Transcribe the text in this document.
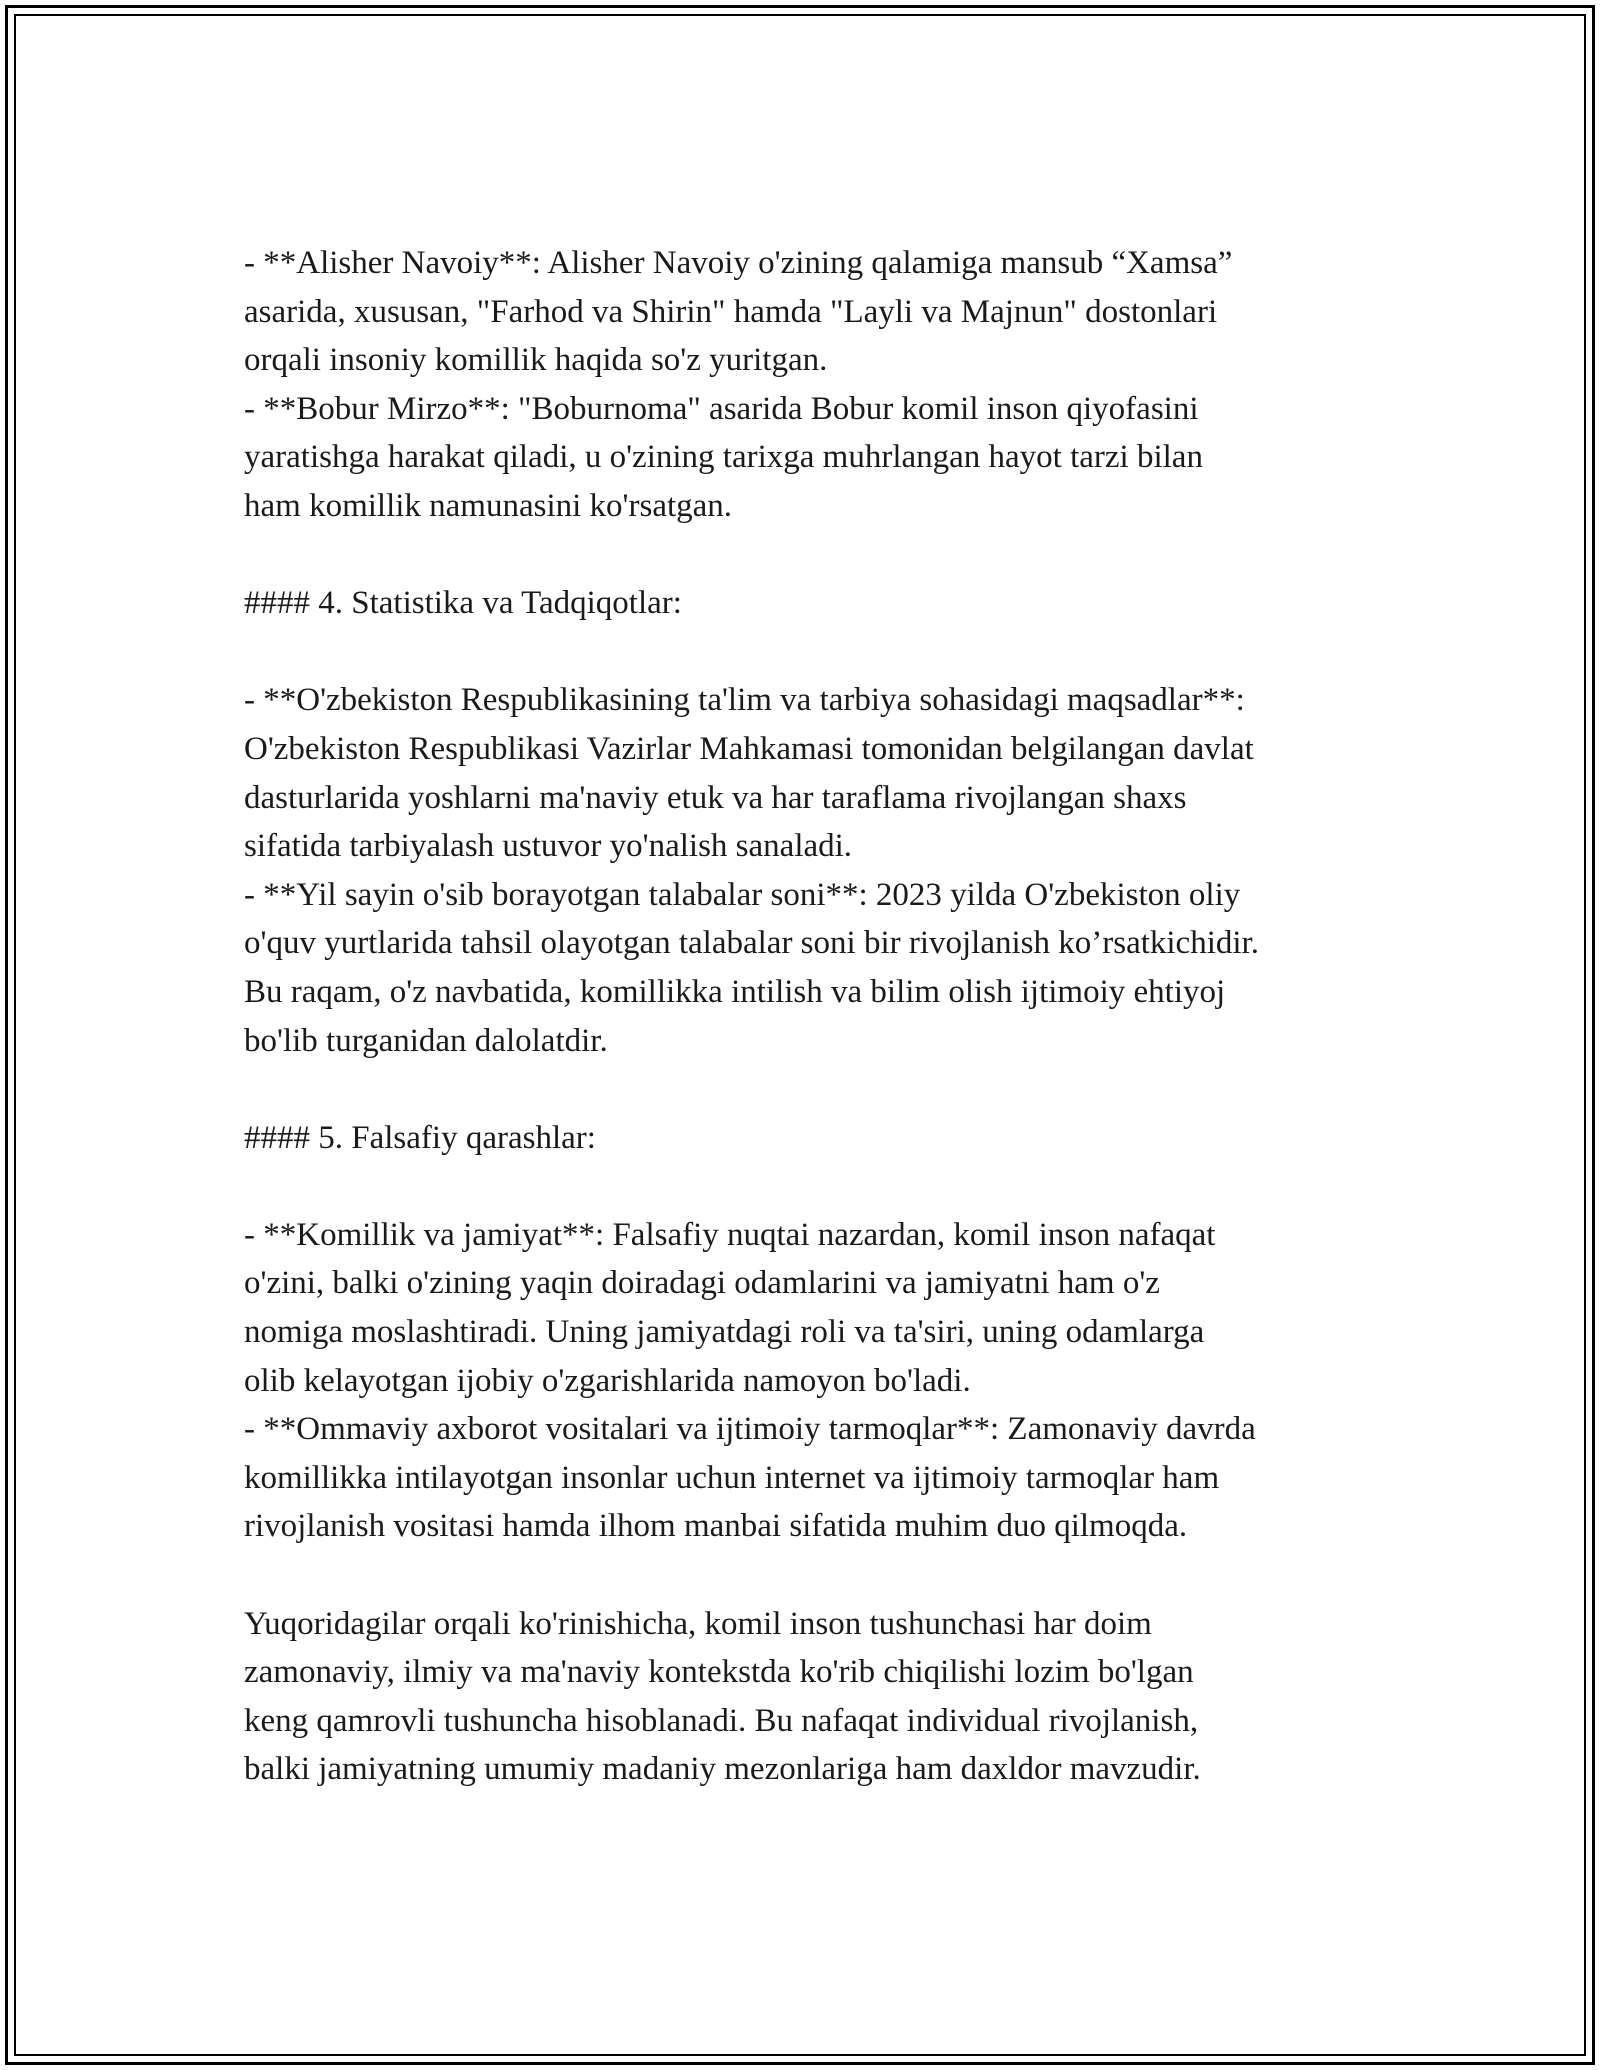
- **Alisher Navoiy**: Alisher Navoiy o'zining qalamiga mansub “Xamsa”
asarida, xususan, "Farhod va Shirin" hamda "Layli va Majnun" dostonlari
orqali insoniy komillik haqida so'z yuritgan.
- **Bobur Mirzo**: "Boburnoma" asarida Bobur komil inson qiyofasini
yaratishga harakat qiladi, u o'zining tarixga muhrlangan hayot tarzi bilan
ham komillik namunasini ko'rsatgan.
#### 4. Statistika va Tadqiqotlar:
- **O'zbekiston Respublikasining ta'lim va tarbiya sohasidagi maqsadlar**:
O'zbekiston Respublikasi Vazirlar Mahkamasi tomonidan belgilangan davlat
dasturlarida yoshlarni ma'naviy etuk va har taraflama rivojlangan shaxs
sifatida tarbiyalash ustuvor yo'nalish sanaladi.
- **Yil sayin o'sib borayotgan talabalar soni**: 2023 yilda O'zbekiston oliy
o'quv yurtlarida tahsil olayotgan talabalar soni bir rivojlanish ko’rsatkichidir.
Bu raqam, o'z navbatida, komillikka intilish va bilim olish ijtimoiy ehtiyoj
bo'lib turganidan dalolatdir.
#### 5. Falsafiy qarashlar:
- **Komillik va jamiyat**: Falsafiy nuqtai nazardan, komil inson nafaqat
o'zini, balki o'zining yaqin doiradagi odamlarini va jamiyatni ham o'z
nomiga moslashtiradi. Uning jamiyatdagi roli va ta'siri, uning odamlarga
olib kelayotgan ijobiy o'zgarishlarida namoyon bo'ladi.
- **Ommaviy axborot vositalari va ijtimoiy tarmoqlar**: Zamonaviy davrda
komillikka intilayotgan insonlar uchun internet va ijtimoiy tarmoqlar ham
rivojlanish vositasi hamda ilhom manbai sifatida muhim duo qilmoqda.
Yuqoridagilar orqali ko'rinishicha, komil inson tushunchasi har doim
zamonaviy, ilmiy va ma'naviy kontekstda ko'rib chiqilishi lozim bo'lgan
keng qamrovli tushuncha hisoblanadi. Bu nafaqat individual rivojlanish,
balki jamiyatning umumiy madaniy mezonlariga ham daxldor mavzudir.
